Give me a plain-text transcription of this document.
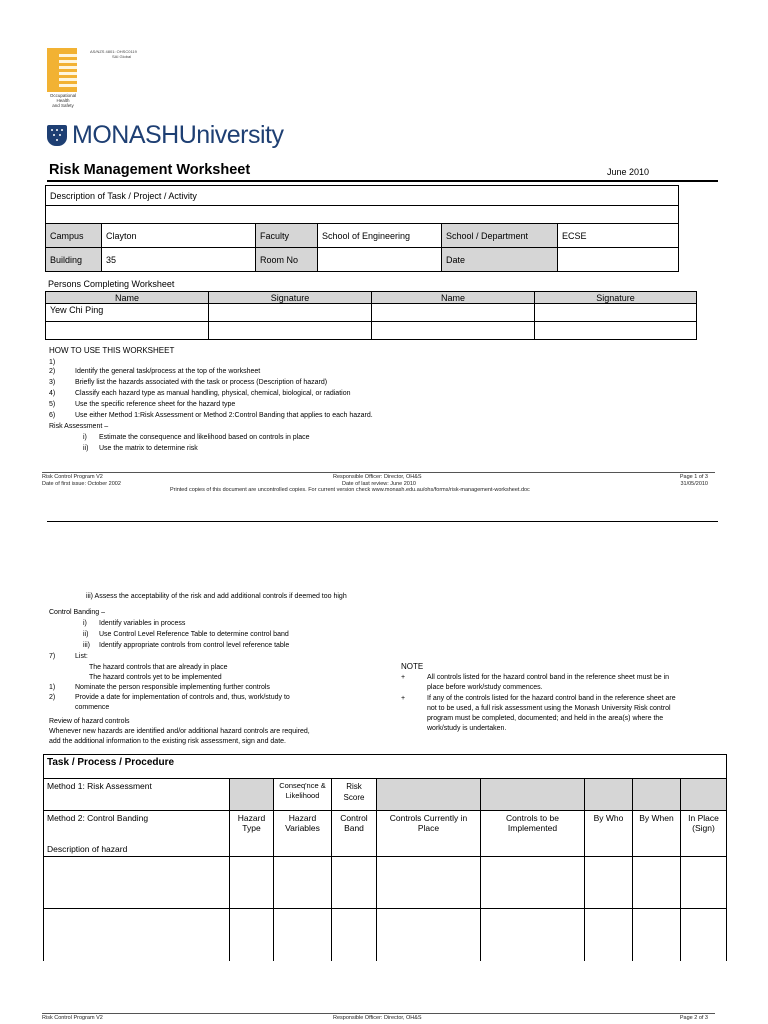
AS/NZS 4801: OHSC0119
SAI Global
Occupational
Health
and Safety
MONASHUniversity
Risk Management Worksheet	June 2010
Description of Task / Project / Activity					

Campus	Clayton	Faculty	School of Engineering	School / Department	ECSE
Building	35	Room No		Date	
Persons Completing Worksheet
Name	Signature	Name	Signature
Yew Chi Ping			

HOW TO USE THIS WORKSHEET
1)
2)	Identify the general task/process at the top of the worksheet
3)	Briefly list the hazards associated with the task or process (Description of hazard)
4)	Classify each hazard type as manual handling, physical, chemical, biological, or radiation
5)	Use the specific reference sheet for the hazard type
6)	Use either Method 1:Risk Assessment or Method 2:Control Banding that applies to each hazard.
Risk Assessment –
i) Estimate the consequence and likelihood based on controls in place
ii) Use the matrix to determine risk
Risk Control Program V2
Date of first issue: October 2002
Responsible Officer: Director, OH&S
Date of last review: June 2010
Printed copies of this document are uncontrolled copies. For current version check www.monash.edu.au/ohs/forms/risk-management-worksheet.doc
Page 1 of 3
31/05/2010
iii) Assess the acceptability of the risk and add additional controls if deemed too high
Control Banding –
i) Identify variables in process
ii) Use Control Level Reference Table to determine control band
iii) Identify appropriate controls from control level reference table
7)	List:
The hazard controls that are already in place
The hazard controls yet to be implemented
1)	Nominate the person responsible implementing further controls
2)	Provide a date for implementation of controls and, thus, work/study to
commence
Review of hazard controls
Whenever new hazards are identified and/or additional hazard controls are required,
add the additional information to the existing risk assessment, sign and date.
NOTE
+	All controls listed for the hazard control band in the reference sheet must be in
place before work/study commences.
+	If any of the controls listed for the hazard control band in the reference sheet are
not to be used, a full risk assessment using the Monash University Risk control
program must be completed, documented; and held in the area(s) where the
work/study is undertaken.
Task / Process / Procedure								
Method 1: Risk Assessment		Conseq'nce & Likelihood	Risk Score					

Method 2: Control Banding
Description of hazard	Hazard Type	Hazard Variables	Control Band	Controls Currently in Place	Controls to be Implemented	By Who	By When	In Place (Sign)

Risk Control Program V2	Responsible Officer: Director, OH&S	Page 2 of 3
